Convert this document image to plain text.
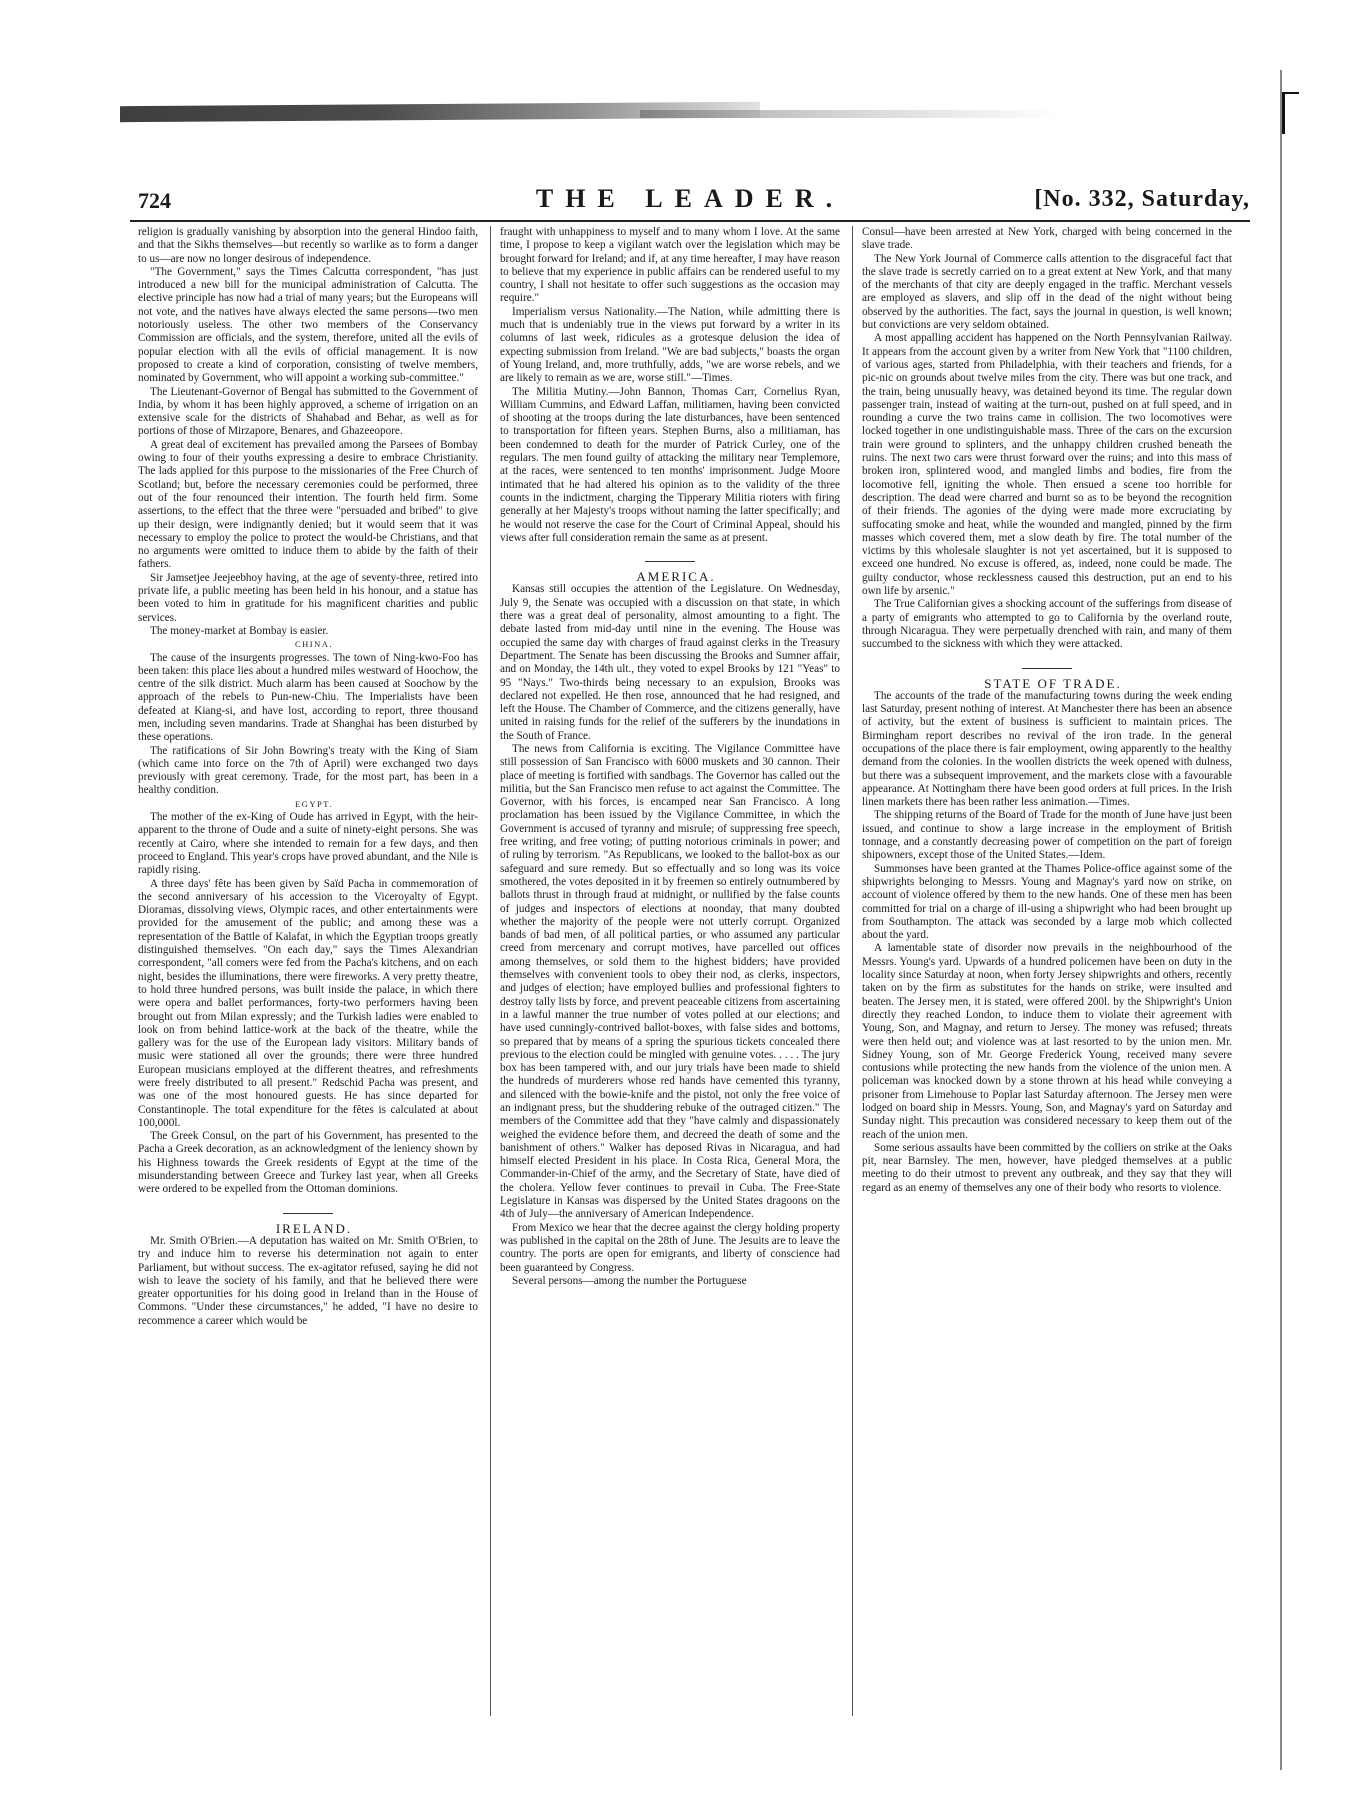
724	THE LEADER.	[No. 332, Saturday,

religion is gradually vanishing by absorption into the general Hindoo faith, and that the Sikhs themselves—but recently so warlike as to form a danger to us—are now no longer desirous of independence.

"The Government," says the Times Calcutta correspondent, "has just introduced a new bill for the municipal administration of Calcutta. The elective principle has now had a trial of many years; but the Europeans will not vote, and the natives have always elected the same persons—two men notoriously useless. The other two members of the Conservancy Commission are officials, and the system, therefore, united all the evils of popular election with all the evils of official management. It is now proposed to create a kind of corporation, consisting of twelve members, nominated by Government, who will appoint a working sub-committee."

The Lieutenant-Governor of Bengal has submitted to the Government of India, by whom it has been highly approved, a scheme of irrigation on an extensive scale for the districts of Shahabad and Behar, as well as for portions of those of Mirzapore, Benares, and Ghazeeopore.

A great deal of excitement has prevailed among the Parsees of Bombay owing to four of their youths expressing a desire to embrace Christianity. The lads applied for this purpose to the missionaries of the Free Church of Scotland; but, before the necessary ceremonies could be performed, three out of the four renounced their intention. The fourth held firm. Some assertions, to the effect that the three were "persuaded and bribed" to give up their design, were indignantly denied; but it would seem that it was necessary to employ the police to protect the would-be Christians, and that no arguments were omitted to induce them to abide by the faith of their fathers.

Sir Jamsetjee Jeejeebhoy having, at the age of seventy-three, retired into private life, a public meeting has been held in his honour, and a statue has been voted to him in gratitude for his magnificent charities and public services.

The money-market at Bombay is easier.

CHINA.

The cause of the insurgents progresses. The town of Ning-kwo-Foo has been taken: this place lies about a hundred miles westward of Hoochow, the centre of the silk district. Much alarm has been caused at Soochow by the approach of the rebels to Pun-new-Chiu. The Imperialists have been defeated at Kiang-si, and have lost, according to report, three thousand men, including seven mandarins. Trade at Shanghai has been disturbed by these operations.

The ratifications of Sir John Bowring's treaty with the King of Siam (which came into force on the 7th of April) were exchanged two days previously with great ceremony. Trade, for the most part, has been in a healthy condition.

EGYPT.

The mother of the ex-King of Oude has arrived in Egypt, with the heir-apparent to the throne of Oude and a suite of ninety-eight persons. She was recently at Cairo, where she intended to remain for a few days, and then proceed to England. This year's crops have proved abundant, and the Nile is rapidly rising.

A three days' fête has been given by Saïd Pacha in commemoration of the second anniversary of his accession to the Viceroyalty of Egypt. Dioramas, dissolving views, Olympic races, and other entertainments were provided for the amusement of the public; and among these was a representation of the Battle of Kalafat, in which the Egyptian troops greatly distinguished themselves. "On each day," says the Times Alexandrian correspondent, "all comers were fed from the Pacha's kitchens, and on each night, besides the illuminations, there were fireworks. A very pretty theatre, to hold three hundred persons, was built inside the palace, in which there were opera and ballet performances, forty-two performers having been brought out from Milan expressly; and the Turkish ladies were enabled to look on from behind lattice-work at the back of the theatre, while the gallery was for the use of the European lady visitors. Military bands of music were stationed all over the grounds; there were three hundred European musicians employed at the different theatres, and refreshments were freely distributed to all present." Redschid Pacha was present, and was one of the most honoured guests. He has since departed for Constantinople. The total expenditure for the fêtes is calculated at about 100,000l.

The Greek Consul, on the part of his Government, has presented to the Pacha a Greek decoration, as an acknowledgment of the leniency shown by his Highness towards the Greek residents of Egypt at the time of the misunderstanding between Greece and Turkey last year, when all Greeks were ordered to be expelled from the Ottoman dominions.

IRELAND.

Mr. Smith O'Brien.—A deputation has waited on Mr. Smith O'Brien, to try and induce him to reverse his determination not again to enter Parliament, but without success. The ex-agitator refused, saying he did not wish to leave the society of his family, and that he believed there were greater opportunities for his doing good in Ireland than in the House of Commons. "Under these circumstances," he added, "I have no desire to recommence a career which would be

fraught with unhappiness to myself and to many whom I love. At the same time, I propose to keep a vigilant watch over the legislation which may be brought forward for Ireland; and if, at any time hereafter, I may have reason to believe that my experience in public affairs can be rendered useful to my country, I shall not hesitate to offer such suggestions as the occasion may require."

Imperialism versus Nationality.—The Nation, while admitting there is much that is undeniably true in the views put forward by a writer in its columns of last week, ridicules as a grotesque delusion the idea of expecting submission from Ireland. "We are bad subjects," boasts the organ of Young Ireland, and, more truthfully, adds, "we are worse rebels, and we are likely to remain as we are, worse still."—Times.

The Militia Mutiny.—John Bannon, Thomas Carr, Cornelius Ryan, William Cummins, and Edward Laffan, militiamen, having been convicted of shooting at the troops during the late disturbances, have been sentenced to transportation for fifteen years. Stephen Burns, also a militiaman, has been condemned to death for the murder of Patrick Curley, one of the regulars. The men found guilty of attacking the military near Templemore, at the races, were sentenced to ten months' imprisonment. Judge Moore intimated that he had altered his opinion as to the validity of the three counts in the indictment, charging the Tipperary Militia rioters with firing generally at her Majesty's troops without naming the latter specifically; and he would not reserve the case for the Court of Criminal Appeal, should his views after full consideration remain the same as at present.

AMERICA.

Kansas still occupies the attention of the Legislature. On Wednesday, July 9, the Senate was occupied with a discussion on that state, in which there was a great deal of personality, almost amounting to a fight. The debate lasted from mid-day until nine in the evening. The House was occupied the same day with charges of fraud against clerks in the Treasury Department. The Senate has been discussing the Brooks and Sumner affair, and on Monday, the 14th ult., they voted to expel Brooks by 121 "Yeas" to 95 "Nays." Two-thirds being necessary to an expulsion, Brooks was declared not expelled. He then rose, announced that he had resigned, and left the House. The Chamber of Commerce, and the citizens generally, have united in raising funds for the relief of the sufferers by the inundations in the South of France.

The news from California is exciting. The Vigilance Committee have still possession of San Francisco with 6000 muskets and 30 cannon. Their place of meeting is fortified with sandbags. The Governor has called out the militia, but the San Francisco men refuse to act against the Committee. The Governor, with his forces, is encamped near San Francisco. A long proclamation has been issued by the Vigilance Committee, in which the Government is accused of tyranny and misrule; of suppressing free speech, free writing, and free voting; of putting notorious criminals in power; and of ruling by terrorism. "As Republicans, we looked to the ballot-box as our safeguard and sure remedy. But so effectually and so long was its voice smothered, the votes deposited in it by freemen so entirely outnumbered by ballots thrust in through fraud at midnight, or nullified by the false counts of judges and inspectors of elections at noonday, that many doubted whether the majority of the people were not utterly corrupt. Organized bands of bad men, of all political parties, or who assumed any particular creed from mercenary and corrupt motives, have parcelled out offices among themselves, or sold them to the highest bidders; have provided themselves with convenient tools to obey their nod, as clerks, inspectors, and judges of election; have employed bullies and professional fighters to destroy tally lists by force, and prevent peaceable citizens from ascertaining in a lawful manner the true number of votes polled at our elections; and have used cunningly-contrived ballot-boxes, with false sides and bottoms, so prepared that by means of a spring the spurious tickets concealed there previous to the election could be mingled with genuine votes. . . . . The jury box has been tampered with, and our jury trials have been made to shield the hundreds of murderers whose red hands have cemented this tyranny, and silenced with the bowie-knife and the pistol, not only the free voice of an indignant press, but the shuddering rebuke of the outraged citizen." The members of the Committee add that they "have calmly and dispassionately weighed the evidence before them, and decreed the death of some and the banishment of others." Walker has deposed Rivas in Nicaragua, and had himself elected President in his place. In Costa Rica, General Mora, the Commander-in-Chief of the army, and the Secretary of State, have died of the cholera. Yellow fever continues to prevail in Cuba. The Free-State Legislature in Kansas was dispersed by the United States dragoons on the 4th of July—the anniversary of American Independence.

From Mexico we hear that the decree against the clergy holding property was published in the capital on the 28th of June. The Jesuits are to leave the country. The ports are open for emigrants, and liberty of conscience had been guaranteed by Congress.

Several persons—among the number the Portuguese

Consul—have been arrested at New York, charged with being concerned in the slave trade.

The New York Journal of Commerce calls attention to the disgraceful fact that the slave trade is secretly carried on to a great extent at New York, and that many of the merchants of that city are deeply engaged in the traffic. Merchant vessels are employed as slavers, and slip off in the dead of the night without being observed by the authorities. The fact, says the journal in question, is well known; but convictions are very seldom obtained.

A most appalling accident has happened on the North Pennsylvanian Railway. It appears from the account given by a writer from New York that "1100 children, of various ages, started from Philadelphia, with their teachers and friends, for a pic-nic on grounds about twelve miles from the city. There was but one track, and the train, being unusually heavy, was detained beyond its time. The regular down passenger train, instead of waiting at the turn-out, pushed on at full speed, and in rounding a curve the two trains came in collision. The two locomotives were locked together in one undistinguishable mass. Three of the cars on the excursion train were ground to splinters, and the unhappy children crushed beneath the ruins. The next two cars were thrust forward over the ruins; and into this mass of broken iron, splintered wood, and mangled limbs and bodies, fire from the locomotive fell, igniting the whole. Then ensued a scene too horrible for description. The dead were charred and burnt so as to be beyond the recognition of their friends. The agonies of the dying were made more excruciating by suffocating smoke and heat, while the wounded and mangled, pinned by the firm masses which covered them, met a slow death by fire. The total number of the victims by this wholesale slaughter is not yet ascertained, but it is supposed to exceed one hundred. No excuse is offered, as, indeed, none could be made. The guilty conductor, whose recklessness caused this destruction, put an end to his own life by arsenic."

The True Californian gives a shocking account of the sufferings from disease of a party of emigrants who attempted to go to California by the overland route, through Nicaragua. They were perpetually drenched with rain, and many of them succumbed to the sickness with which they were attacked.

STATE OF TRADE.

The accounts of the trade of the manufacturing towns during the week ending last Saturday, present nothing of interest. At Manchester there has been an absence of activity, but the extent of business is sufficient to maintain prices. The Birmingham report describes no revival of the iron trade. In the general occupations of the place there is fair employment, owing apparently to the healthy demand from the colonies. In the woollen districts the week opened with dulness, but there was a subsequent improvement, and the markets close with a favourable appearance. At Nottingham there have been good orders at full prices. In the Irish linen markets there has been rather less animation.—Times.

The shipping returns of the Board of Trade for the month of June have just been issued, and continue to show a large increase in the employment of British tonnage, and a constantly decreasing power of competition on the part of foreign shipowners, except those of the United States.—Idem.

Summonses have been granted at the Thames Police-office against some of the shipwrights belonging to Messrs. Young and Magnay's yard now on strike, on account of violence offered by them to the new hands. One of these men has been committed for trial on a charge of ill-using a shipwright who had been brought up from Southampton. The attack was seconded by a large mob which collected about the yard.

A lamentable state of disorder now prevails in the neighbourhood of the Messrs. Young's yard. Upwards of a hundred policemen have been on duty in the locality since Saturday at noon, when forty Jersey shipwrights and others, recently taken on by the firm as substitutes for the hands on strike, were insulted and beaten. The Jersey men, it is stated, were offered 200l. by the Shipwright's Union directly they reached London, to induce them to violate their agreement with Young, Son, and Magnay, and return to Jersey. The money was refused; threats were then held out; and violence was at last resorted to by the union men. Mr. Sidney Young, son of Mr. George Frederick Young, received many severe contusions while protecting the new hands from the violence of the union men. A policeman was knocked down by a stone thrown at his head while conveying a prisoner from Limehouse to Poplar last Saturday afternoon. The Jersey men were lodged on board ship in Messrs. Young, Son, and Magnay's yard on Saturday and Sunday night. This precaution was considered necessary to keep them out of the reach of the union men.

Some serious assaults have been committed by the colliers on strike at the Oaks pit, near Barnsley. The men, however, have pledged themselves at a public meeting to do their utmost to prevent any outbreak, and they say that they will regard as an enemy of themselves any one of their body who resorts to violence.
